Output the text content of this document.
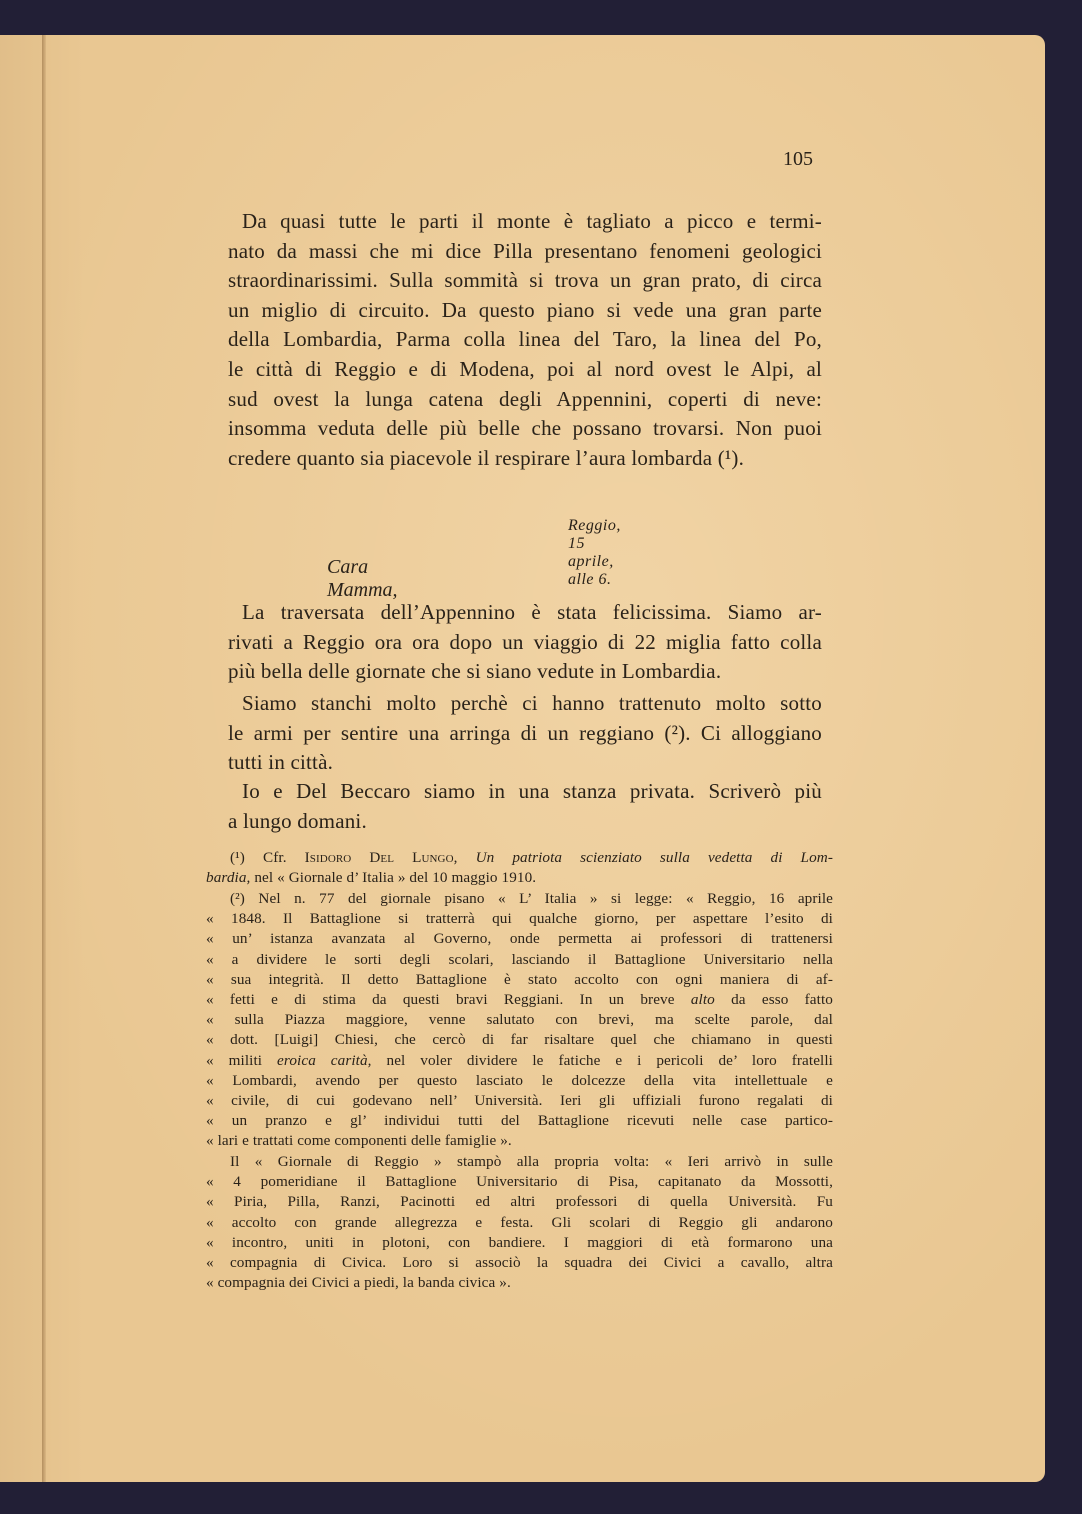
105
Da quasi tutte le parti il monte è tagliato a picco e termi-
nato da massi che mi dice Pilla presentano fenomeni geologici
straordinarissimi. Sulla sommità si trova un gran prato, di circa
un miglio di circuito. Da questo piano si vede una gran parte
della Lombardia, Parma colla linea del Taro, la linea del Po,
le città di Reggio e di Modena, poi al nord ovest le Alpi, al
sud ovest la lunga catena degli Appennini, coperti di neve:
insomma veduta delle più belle che possano trovarsi. Non puoi
credere quanto sia piacevole il respirare l’aura lombarda (¹).
Reggio, 15 aprile, alle 6.
Cara Mamma,
La traversata dell’Appennino è stata felicissima. Siamo ar-
rivati a Reggio ora ora dopo un viaggio di 22 miglia fatto colla
più bella delle giornate che si siano vedute in Lombardia.
Siamo stanchi molto perchè ci hanno trattenuto molto sotto
le armi per sentire una arringa di un reggiano (²). Ci alloggiano
tutti in città.
Io e Del Beccaro siamo in una stanza privata. Scriverò più
a lungo domani.
(¹) Cfr. Isidoro Del Lungo, Un patriota scienziato sulla vedetta di Lom-
bardia, nel « Giornale d’ Italia » del 10 maggio 1910.
(²) Nel n. 77 del giornale pisano « L’ Italia » si legge: « Reggio, 16 aprile
« 1848. Il Battaglione si tratterrà qui qualche giorno, per aspettare l’esito di
« un’ istanza avanzata al Governo, onde permetta ai professori di trattenersi
« a dividere le sorti degli scolari, lasciando il Battaglione Universitario nella
« sua integrità. Il detto Battaglione è stato accolto con ogni maniera di af-
« fetti e di stima da questi bravi Reggiani. In un breve alto da esso fatto
« sulla Piazza maggiore, venne salutato con brevi, ma scelte parole, dal
« dott. [Luigi] Chiesi, che cercò di far risaltare quel che chiamano in questi
« militi eroica carità, nel voler dividere le fatiche e i pericoli de’ loro fratelli
« Lombardi, avendo per questo lasciato le dolcezze della vita intellettuale e
« civile, di cui godevano nell’ Università. Ieri gli uffiziali furono regalati di
« un pranzo e gl’ individui tutti del Battaglione ricevuti nelle case partico-
« lari e trattati come componenti delle famiglie ».
Il « Giornale di Reggio » stampò alla propria volta: « Ieri arrivò in sulle
« 4 pomeridiane il Battaglione Universitario di Pisa, capitanato da Mossotti,
« Piria, Pilla, Ranzi, Pacinotti ed altri professori di quella Università. Fu
« accolto con grande allegrezza e festa. Gli scolari di Reggio gli andarono
« incontro, uniti in plotoni, con bandiere. I maggiori di età formarono una
« compagnia di Civica. Loro si associò la squadra dei Civici a cavallo, altra
« compagnia dei Civici a piedi, la banda civica ».
